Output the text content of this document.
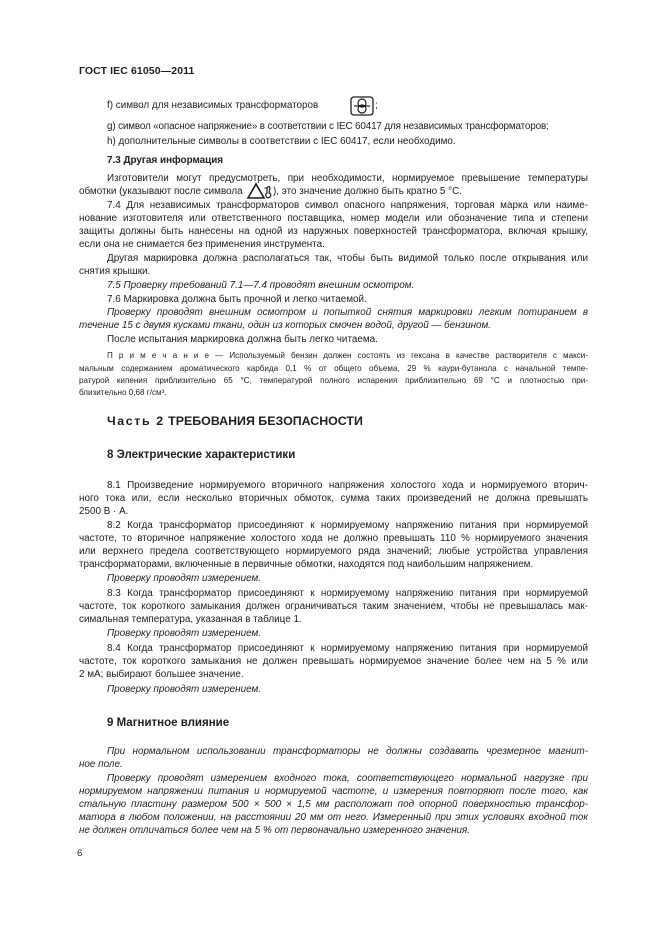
ГОСТ IEC 61050—2011
f) символ для независимых трансформаторов	;
g) символ «опасное напряжение» в соответствии с IEC 60417 для независимых трансформаторов;
h) дополнительные символы в соответствии с IEC 60417, если необходимо.
7.3 Другая информация
Изготовители могут предусмотреть, при необходимости, нормируемое превышение температуры
обмотки (указывают после символа	), это значение должно быть кратно 5 °С.
7.4 Для независимых трансформаторов символ опасного напряжения, торговая марка или наиме-
нование изготовителя или ответственного поставщика, номер модели или обозначение типа и степени
защиты должны быть нанесены на одной из наружных поверхностей трансформатора, включая крышку,
если она не снимается без применения инструмента.
Другая маркировка должна располагаться так, чтобы быть видимой только после открывания или
снятия крышки.
7.5 Проверку требований 7.1—7.4 проводят внешним осмотром.
7.6 Маркировка должна быть прочной и легко читаемой.
Проверку проводят внешним осмотром и попыткой снятия маркировки легким потиранием в
течение 15 с двумя кусками ткани, один из которых смочен водой, другой — бензином.
После испытания маркировка должна быть легко читаема.
П р и м е ч а н и е — Используемый бензин должен состоять из гексана в качестве растворителя с макси-
мальным содержанием ароматического карбида 0,1 % от общего объема, 29 % каури-бутанола с начальной темпе-
ратурой кипения приблизительно 65 °С, температурой полного испарения приблизительно 69 °С и плотностью при-
близительно 0,68 г/см³.
Часть 2 ТРЕБОВАНИЯ БЕЗОПАСНОСТИ
8 Электрические характеристики
8.1 Произведение нормируемого вторичного напряжения холостого хода и нормируемого вторич-
ного тока или, если несколько вторичных обмоток, сумма таких произведений не должна превышать
2500 В · А.
8.2 Когда трансформатор присоединяют к нормируемому напряжению питания при нормируемой
частоте, то вторичное напряжение холостого хода не должно превышать 110 % нормируемого значения
или верхнего предела соответствующего нормируемого ряда значений; любые устройства управления
трансформаторами, включенные в первичные обмотки, находятся под наибольшим напряжением.
Проверку проводят измерением.
8.3 Когда трансформатор присоединяют к нормируемому напряжению питания при нормируемой
частоте, ток короткого замыкания должен ограничиваться таким значением, чтобы не превышалась мак-
симальная температура, указанная в таблице 1.
Проверку проводят измерением.
8.4 Когда трансформатор присоединяют к нормируемому напряжению питания при нормируемой
частоте, ток короткого замыкания не должен превышать нормируемое значение более чем на 5 % или
2 мА; выбирают большее значение.
Проверку проводят измерением.
9 Магнитное влияние
При нормальном использовании трансформаторы не должны создавать чрезмерное магнит-
ное поле.
Проверку проводят измерением входного тока, соответствующего нормальной нагрузке при
нормируемом напряжении питания и нормируемой частоте, и измерения повторяют после того, как
стальную пластину размером 500 × 500 × 1,5 мм расположат под опорной поверхностью трансфор-
матора в любом положении, на расстоянии 20 мм от него. Измеренный при этих условиях входной ток
не должен отличаться более чем на 5 % от первоначально измеренного значения.
6
